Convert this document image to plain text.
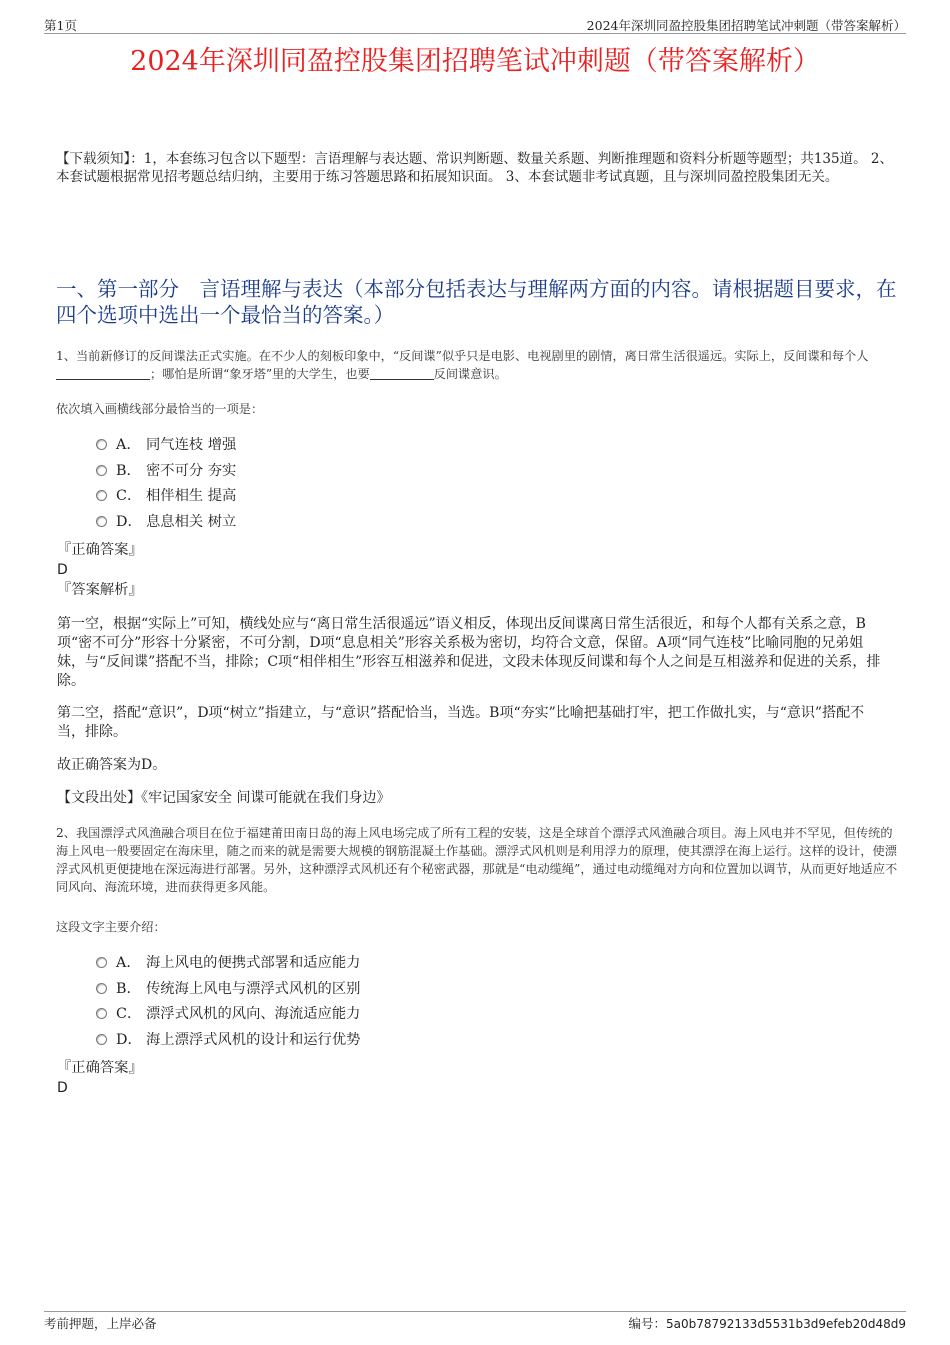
第1页	2024年深圳同盈控股集团招聘笔试冲刺题（带答案解析）
2024年深圳同盈控股集团招聘笔试冲刺题（带答案解析）
【下载须知】：1，本套练习包含以下题型：言语理解与表达题、常识判断题、数量关系题、判断推理题和资料分析题等题型；共135道。 2、本套试题根据常见招考题总结归纳，主要用于练习答题思路和拓展知识面。 3、本套试题非考试真题，且与深圳同盈控股集团无关。
一、第一部分　言语理解与表达（本部分包括表达与理解两方面的内容。请根据题目要求，在四个选项中选出一个最恰当的答案。）
1、当前新修订的反间谍法正式实施。在不少人的刻板印象中，“反间谍”似乎只是电影、电视剧里的剧情，离日常生活很遥远。实际上，反间谍和每个人；哪怕是所谓“象牙塔”里的大学生，也要	反间谍意识。
依次填入画横线部分最恰当的一项是：
A． 同气连枝 增强
B． 密不可分 夯实
C． 相伴相生 提高
D． 息息相关 树立
『正确答案』
D
『答案解析』
第一空，根据“实际上”可知，横线处应与“离日常生活很遥远”语义相反，体现出反间谍离日常生活很近，和每个人都有关系之意，B项“密不可分”形容十分紧密，不可分割，D项“息息相关”形容关系极为密切，均符合文意，保留。A项“同气连枝”比喻同胞的兄弟姐妹，与“反间谍”搭配不当，排除；C项“相伴相生”形容互相滋养和促进，文段未体现反间谍和每个人之间是互相滋养和促进的关系，排除。
第二空，搭配“意识”，D项“树立”指建立，与“意识”搭配恰当，当选。B项“夯实”比喻把基础打牢，把工作做扎实，与“意识”搭配不当，排除。
故正确答案为D。
【文段出处】《牢记国家安全 间谍可能就在我们身边》
2、我国漂浮式风渔融合项目在位于福建莆田南日岛的海上风电场完成了所有工程的安装，这是全球首个漂浮式风渔融合项目。海上风电并不罕见，但传统的海上风电一般要固定在海床里，随之而来的就是需要大规模的钢筋混凝土作基础。漂浮式风机则是利用浮力的原理，使其漂浮在海上运行。这样的设计，使漂浮式风机更便捷地在深远海进行部署。另外，这种漂浮式风机还有个秘密武器，那就是“电动缆绳”，通过电动缆绳对方向和位置加以调节，从而更好地适应不同风向、海流环境，进而获得更多风能。
这段文字主要介绍：
A． 海上风电的便携式部署和适应能力
B． 传统海上风电与漂浮式风机的区别
C． 漂浮式风机的风向、海流适应能力
D． 海上漂浮式风机的设计和运行优势
『正确答案』
D
考前押题，上岸必备	编号：5a0b78792133d5531b3d9efeb20d48d9
